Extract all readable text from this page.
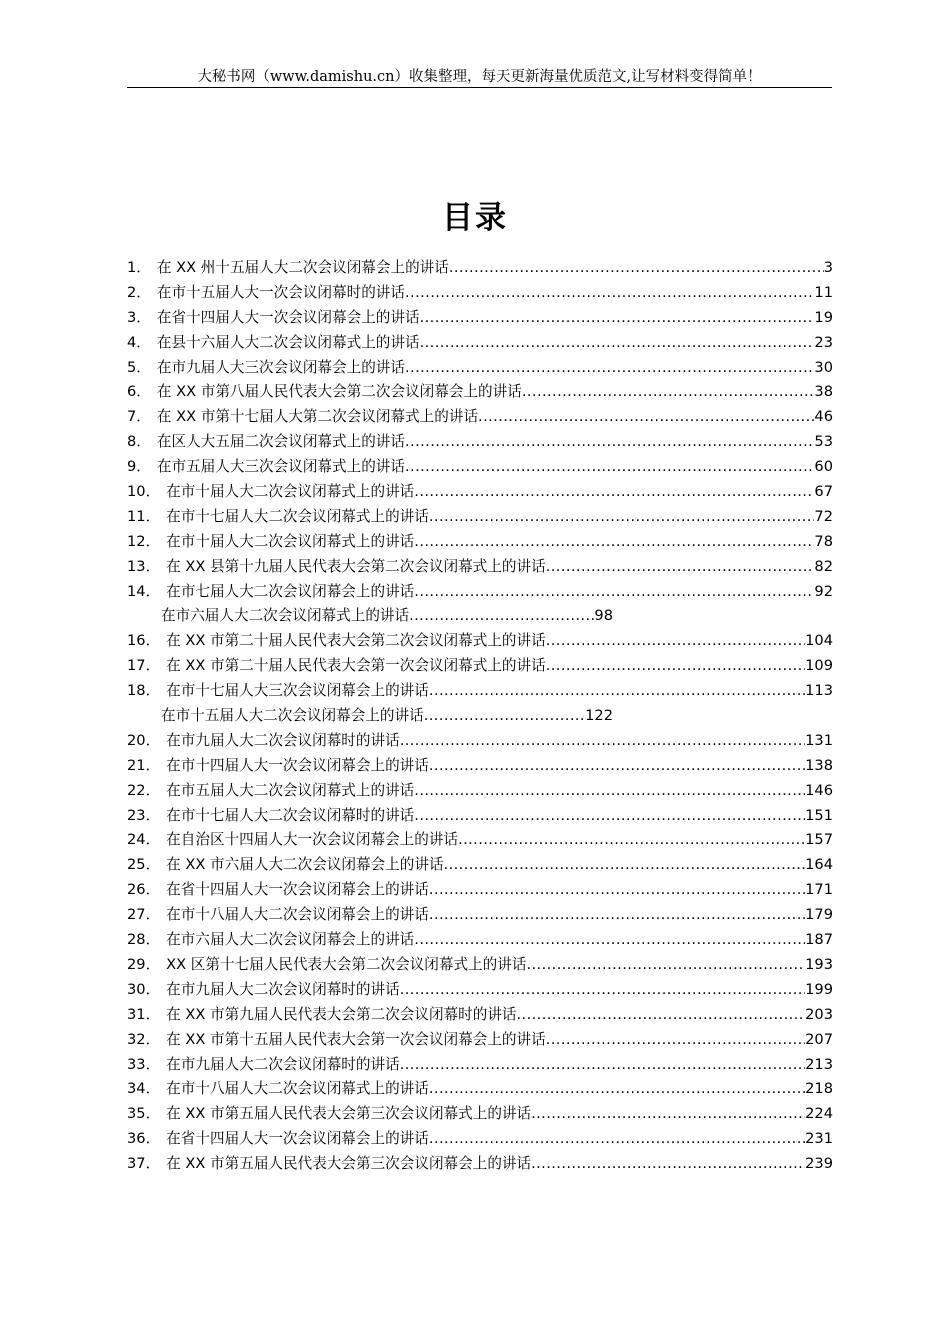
大秘书网（www.damishu.cn）收集整理，每天更新海量优质范文,让写材料变得简单！
目录
1． 在 XX 州十五届人大二次会议闭幕会上的讲话 .....	3
2． 在市十五届人大一次会议闭幕时的讲话 .....	11
3． 在省十四届人大一次会议闭幕会上的讲话 .....	19
4． 在县十六届人大二次会议闭幕式上的讲话 .....	23
5． 在市九届人大三次会议闭幕会上的讲话 .....	30
6． 在 XX 市第八届人民代表大会第二次会议闭幕会上的讲话 .....	38
7． 在 XX 市第十七届人大第二次会议闭幕式上的讲话 .....	46
8． 在区人大五届二次会议闭幕式上的讲话 .....	53
9． 在市五届人大三次会议闭幕式上的讲话 .....	60
10． 在市十届人大二次会议闭幕式上的讲话 .....	67
11． 在市十七届人大二次会议闭幕式上的讲话 .....	72
12． 在市十届人大二次会议闭幕式上的讲话 .....	78
13． 在 XX 县第十九届人民代表大会第二次会议闭幕式上的讲话 .....	82
14． 在市七届人大二次会议闭幕会上的讲话 .....	92
在市六届人大二次会议闭幕式上的讲话 .....	98
16． 在 XX 市第二十届人民代表大会第二次会议闭幕式上的讲话 .....	104
17． 在 XX 市第二十届人民代表大会第一次会议闭幕式上的讲话 .....	109
18． 在市十七届人大三次会议闭幕会上的讲话 .....	113
在市十五届人大二次会议闭幕会上的讲话 .....	122
20． 在市九届人大二次会议闭幕时的讲话 .....	131
21． 在市十四届人大一次会议闭幕会上的讲话 .....	138
22． 在市五届人大二次会议闭幕式上的讲话 .....	146
23． 在市十七届人大二次会议闭幕时的讲话 .....	151
24． 在自治区十四届人大一次会议闭幕会上的讲话 .....	157
25． 在 XX 市六届人大二次会议闭幕会上的讲话 .....	164
26． 在省十四届人大一次会议闭幕会上的讲话 .....	171
27． 在市十八届人大二次会议闭幕会上的讲话 .....	179
28． 在市六届人大二次会议闭幕会上的讲话 .....	187
29． XX 区第十七届人民代表大会第二次会议闭幕式上的讲话 .....	193
30． 在市九届人大二次会议闭幕时的讲话 .....	199
31． 在 XX 市第九届人民代表大会第二次会议闭幕时的讲话 .....	203
32． 在 XX 市第十五届人民代表大会第一次会议闭幕会上的讲话 .....	207
33． 在市九届人大二次会议闭幕时的讲话 .....	213
34． 在市十八届人大二次会议闭幕式上的讲话 .....	218
35． 在 XX 市第五届人民代表大会第三次会议闭幕式上的讲话 .....	224
36． 在省十四届人大一次会议闭幕会上的讲话 .....	231
37． 在 XX 市第五届人民代表大会第三次会议闭幕会上的讲话 .....	239
